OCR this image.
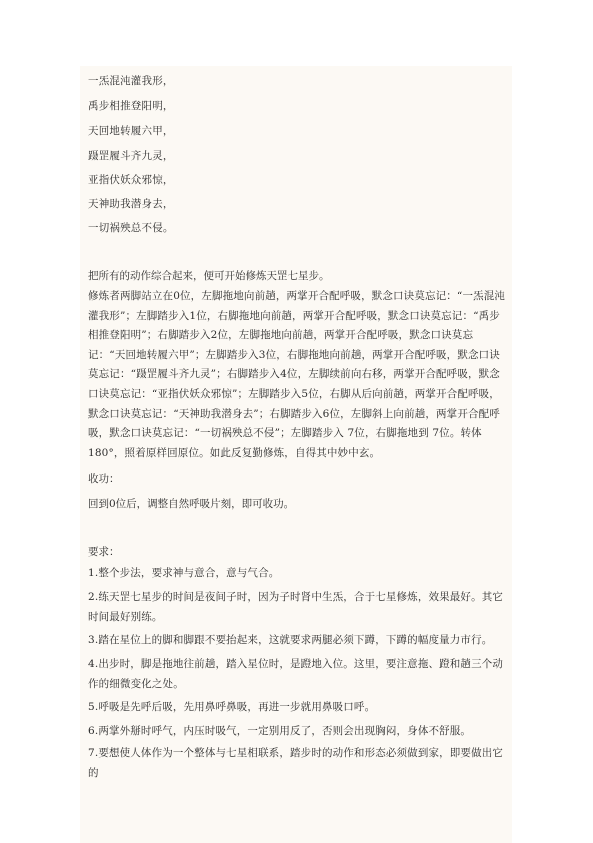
一炁混沌灌我形，
禹步相推登阳明，
天回地转履六甲，
蹑罡履斗齐九灵，
亚指伏妖众邪惊，
天神助我潜身去，
一切祸殃总不侵。
把所有的动作综合起来，便可开始修炼天罡七星步。
修炼者两脚站立在0位，左脚拖地向前趟，两掌开合配呼吸，默念口诀莫忘记：“一炁混沌灌我形”；左脚踏步入1位，右脚拖地向前趟，两掌开合配呼吸，默念口诀莫忘记：“禹步相推登阳明”；右脚踏步入2位，左脚拖地向前趟，两掌开合配呼吸，默念口诀莫忘记：“天回地转履六甲”；左脚踏步入3位，右脚拖地向前趟，两掌开合配呼吸，默念口诀莫忘记：“蹑罡履斗齐九灵”；右脚踏步入4位，左脚续前向右移，两掌开合配呼吸，默念口诀莫忘记：“亚指伏妖众邪惊”；左脚踏步入5位，右脚从后向前趟，两掌开合配呼吸，默念口诀莫忘记：“天神助我潜身去”；右脚踏步入6位，左脚斜上向前趟，两掌开合配呼吸，默念口诀莫忘记：“一切祸殃总不侵”；左脚踏步入 7位，右脚拖地到 7位。转体 180°，照着原样回原位。如此反复勤修炼，自得其中妙中玄。
收功：
回到0位后，调整自然呼吸片刻，即可收功。
要求：
1.整个步法，要求神与意合，意与气合。
2.练天罡七星步的时间是夜间子时，因为子时肾中生炁，合于七星修炼，效果最好。其它时间最好别练。
3.踏在星位上的脚和脚跟不要抬起来，这就要求两腿必须下蹲，下蹲的幅度量力市行。
4.出步时，脚是拖地往前趟，踏入星位时，是蹬地入位。这里，要注意拖、蹬和趟三个动作的细微变化之处。
5.呼吸是先呼后吸，先用鼻呼鼻吸，再进一步就用鼻吸口呼。
6.两掌外掰时呼气，内压时吸气，一定别用反了，否则会出现胸闷，身体不舒服。
7.要想使人体作为一个整体与七星相联系，踏步时的动作和形态必须做到家，即要做出它的
